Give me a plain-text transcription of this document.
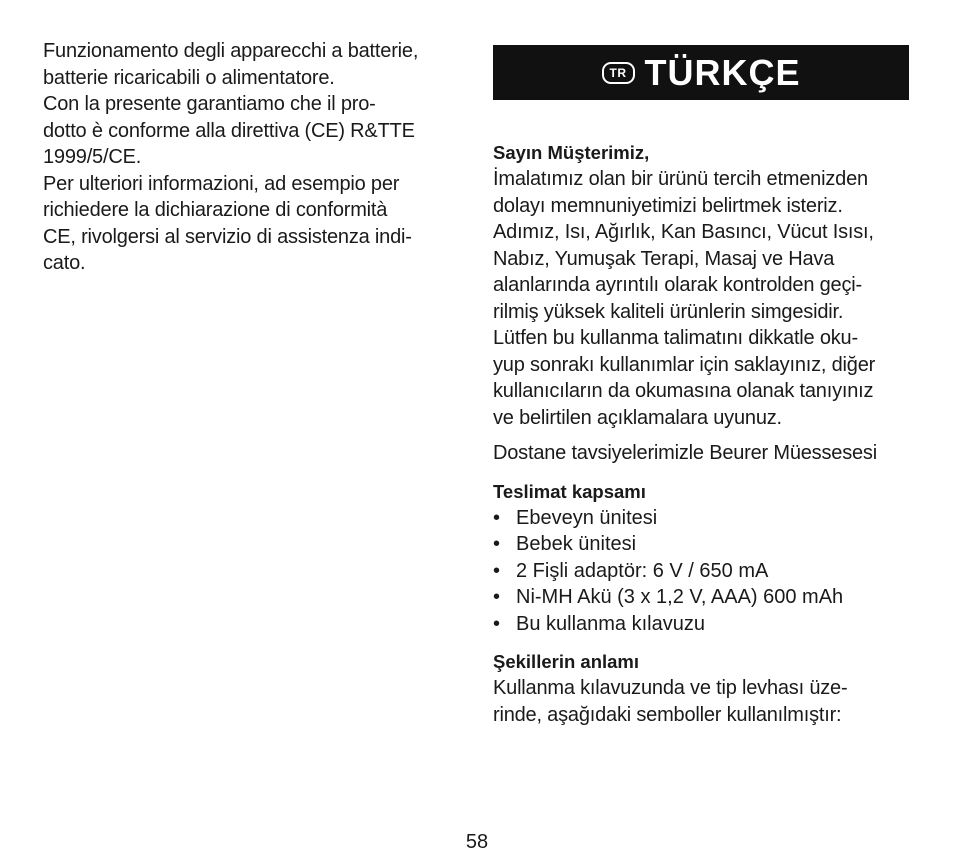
Funzionamento degli apparecchi a batterie,
batterie ricaricabili o alimentatore.
Con la presente garantiamo che il pro-
dotto è conforme alla direttiva (CE) R&TTE
1999/5/CE.
Per ulteriori informazioni, ad esempio per
richiedere la dichiarazione di conformità
CE, rivolgersi al servizio di assistenza indi-
cato.
TR TÜRKÇE
Sayın Müşterimiz,
İmalatımız olan bir ürünü tercih etmenizden
dolayı memnuniyetimizi belirtmek isteriz.
Adımız, Isı, Ağırlık, Kan Basıncı, Vücut Isısı,
Nabız, Yumuşak Terapi, Masaj ve Hava
alanlarında ayrıntılı olarak kontrolden geçi-
rilmiş yüksek kaliteli ürünlerin simgesidir.
Lütfen bu kullanma talimatını dikkatle oku-
yup sonrakı kullanımlar için saklayınız, diğer
kullanıcıların da okumasına olanak tanıyınız
ve belirtilen açıklamalara uyunuz.
Dostane tavsiyelerimizle Beurer Müessesesi
Teslimat kapsamı
• Ebeveyn ünitesi
• Bebek ünitesi
• 2 Fişli adaptör: 6 V / 650 mA
• Ni-MH Akü (3 x 1,2 V, AAA) 600 mAh
• Bu kullanma kılavuzu
Şekillerin anlamı
Kullanma kılavuzunda ve tip levhası üze-
rinde, aşağıdaki semboller kullanılmıştır:
58
